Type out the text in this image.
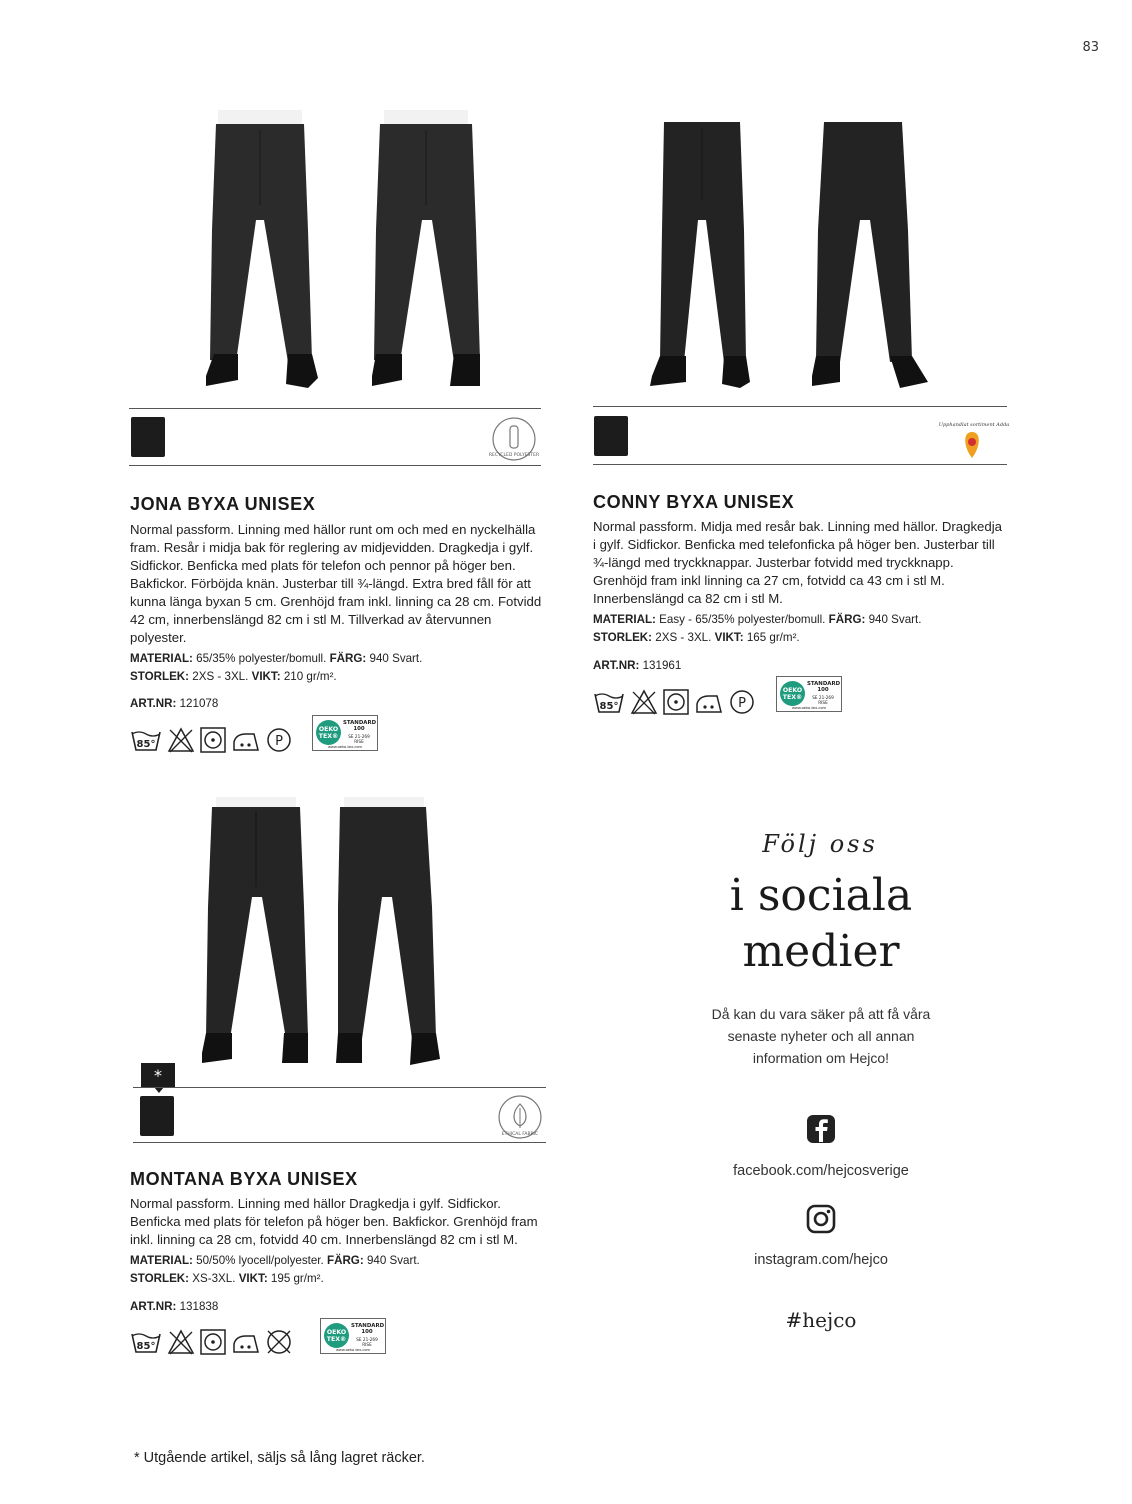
83
RECYCLED POLYESTER
JONA BYXA UNISEX
Normal passform. Linning med hällor runt om och med en nyckelhälla fram. Resår i midja bak för reglering av midjevidden. Dragkedja i gylf. Sidfickor. Benficka med plats för telefon och pennor på höger ben. Bakfickor. Förböjda knän. Justerbar till ¾-längd. Extra bred fåll för att kunna länga byxan 5 cm. Grenhöjd fram inkl. linning ca 28 cm. Fotvidd 42 cm, innerbenslängd 82 cm i stl M. Tillverkad av återvunnen polyester.
MATERIAL: 65/35% polyester/bomull. FÄRG: 940 Svart.
STORLEK: 2XS - 3XL. VIKT: 210 gr/m².
ART.NR: 121078
85°	P
OEKO TEX®
STANDARD 100
SE 21-269 RISE
www.oeko-tex.com
Upphandlat sortiment Adda
CONNY BYXA UNISEX
Normal passform. Midja med resår bak. Linning med hällor. Dragkedja i gylf. Sidfickor. Benficka med telefonficka på höger ben. Justerbar till ¾-längd med tryckknappar. Justerbar fotvidd med tryckknapp. Grenhöjd fram inkl linning ca 27 cm, fotvidd ca 43 cm i stl M. Innerbenslängd ca 82 cm i stl M.
MATERIAL: Easy - 65/35% polyester/bomull. FÄRG: 940 Svart.
STORLEK: 2XS - 3XL. VIKT: 165 gr/m².
ART.NR: 131961
85°	P
OEKO TEX®
STANDARD 100
SE 21-269 RISE
www.oeko-tex.com
*
ETHICAL FABRIC
MONTANA BYXA UNISEX
Normal passform. Linning med hällor Dragkedja i gylf. Sidfickor. Benficka med plats för telefon på höger ben. Bakfickor. Grenhöjd fram inkl. linning ca 28 cm, fotvidd 40 cm. Innerbenslängd 82 cm i stl M.
MATERIAL: 50/50% lyocell/polyester. FÄRG: 940 Svart.
STORLEK: XS-3XL. VIKT: 195 gr/m².
ART.NR: 131838
85°
OEKO TEX®
STANDARD 100
SE 21-269 RISE
www.oeko-tex.com
Följ oss
i sociala
medier
Då kan du vara säker på att få våra senaste nyheter och all annan information om Hejco!
facebook.com/hejcosverige
instagram.com/hejco
#hejco
* Utgående artikel, säljs så lång lagret räcker.
